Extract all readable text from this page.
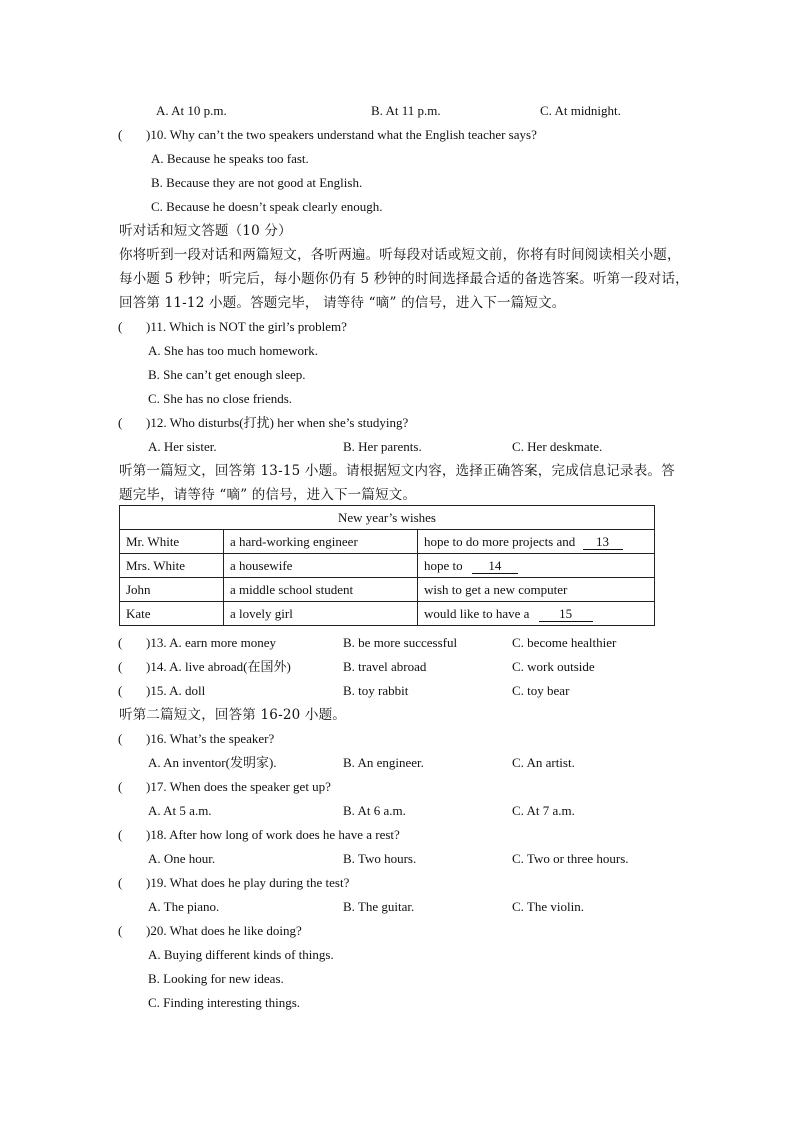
A. At 10 p.m.	B. At 11 p.m.	C. At midnight.
( )10. Why can’t the two speakers understand what the English teacher says?
A. Because he speaks too fast.
B. Because they are not good at English.
C. Because he doesn’t speak clearly enough.
听对话和短文答题（10 分）
你将听到一段对话和两篇短文，各听两遍。听每段对话或短文前，你将有时间阅读相关小题，
每小题 5 秒钟；听完后，每小题你仍有 5 秒钟的时间选择最合适的备选答案。听第一段对话，
回答第 11-12 小题。答题完毕， 请等待 “嘀” 的信号，进入下一篇短文。
( )11. Which is NOT the girl’s problem?
A. She has too much homework.
B. She can’t get enough sleep.
C. She has no close friends.
( )12. Who disturbs(打扰) her when she’s studying?
A. Her sister.	B. Her parents.	C. Her deskmate.
听第一篇短文，回答第 13-15 小题。请根据短文内容，选择正确答案，完成信息记录表。答
题完毕，请等待 “嘀” 的信号，进入下一篇短文。
New year’s wishes		
Mr. White	a hard-working engineer	hope to do more projects and 13
Mrs. White	a housewife	hope to 14
John	a middle school student	wish to get a new computer
Kate	a lovely girl	would like to have a 15
( )13. A. earn more money	B. be more successful	C. become healthier
( )14. A. live abroad(在国外)	B. travel abroad	C. work outside
( )15. A. doll	B. toy rabbit	C. toy bear
听第二篇短文，回答第 16-20 小题。
( )16. What’s the speaker?
A. An inventor(发明家).	B. An engineer.	C. An artist.
( )17. When does the speaker get up?
A. At 5 a.m.	B. At 6 a.m.	C. At 7 a.m.
( )18. After how long of work does he have a rest?
A. One hour.	B. Two hours.	C. Two or three hours.
( )19. What does he play during the test?
A. The piano.	B. The guitar.	C. The violin.
( )20. What does he like doing?
A. Buying different kinds of things.
B. Looking for new ideas.
C. Finding interesting things.
